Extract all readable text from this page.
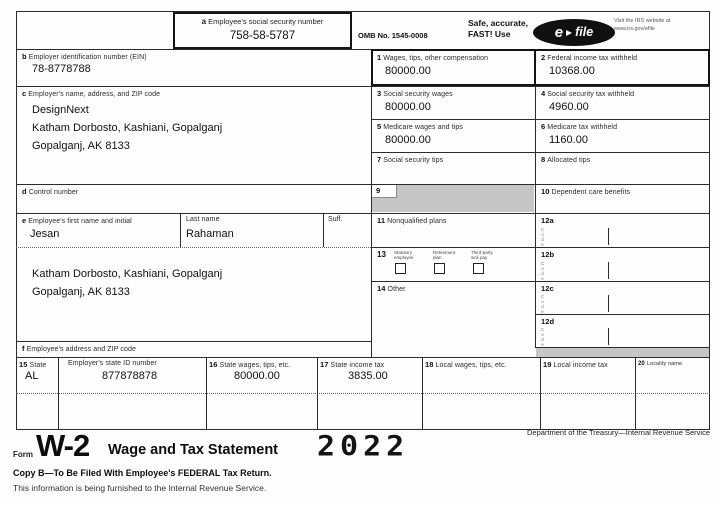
a Employee's social security number
758-58-5787	OMB No. 1545-0008
Safe, accurate,
FAST! Use	e file
Visit the IRS website at
www.irs.gov/efile
b Employer identification number (EIN)
78-8778788
c Employer's name, address, and ZIP code
DesignNext
Katham Dorbosto, Kashiani, Gopalganj
Gopalganj, AK 8133
d Control number
e Employee's first name and initial
Jesan
Last name
Rahaman
Suff.
Katham Dorbosto, Kashiani, Gopalganj
Gopalganj, AK 8133
f Employee's address and ZIP code
1 Wages, tips, other compensation
80000.00
2 Federal income tax withheld
10368.00
3 Social security wages
80000.00
4 Social security tax withheld
4960.00
5 Medicare wages and tips
80000.00
6 Medicare tax withheld
1160.00
7 Social security tips	8 Allocated tips
9	10 Dependent care benefits
11 Nonqualified plans	12a
Code
12b
Code
12c
Code
12d
Code
13 Statutory
employee
Retirement
plan
Third-party
sick pay
14 Other
15 State
AL
Employer's state ID number
877878878
16 State wages, tips, etc.
80000.00
17 State income tax
3835.00
18 Local wages, tips, etc.	19 Local income tax	20 Locality name
Form W-2 Wage and Tax Statement 2022	Department of the Treasury—Internal Revenue Service
Copy B—To Be Filed With Employee's FEDERAL Tax Return.
This information is being furnished to the Internal Revenue Service.
